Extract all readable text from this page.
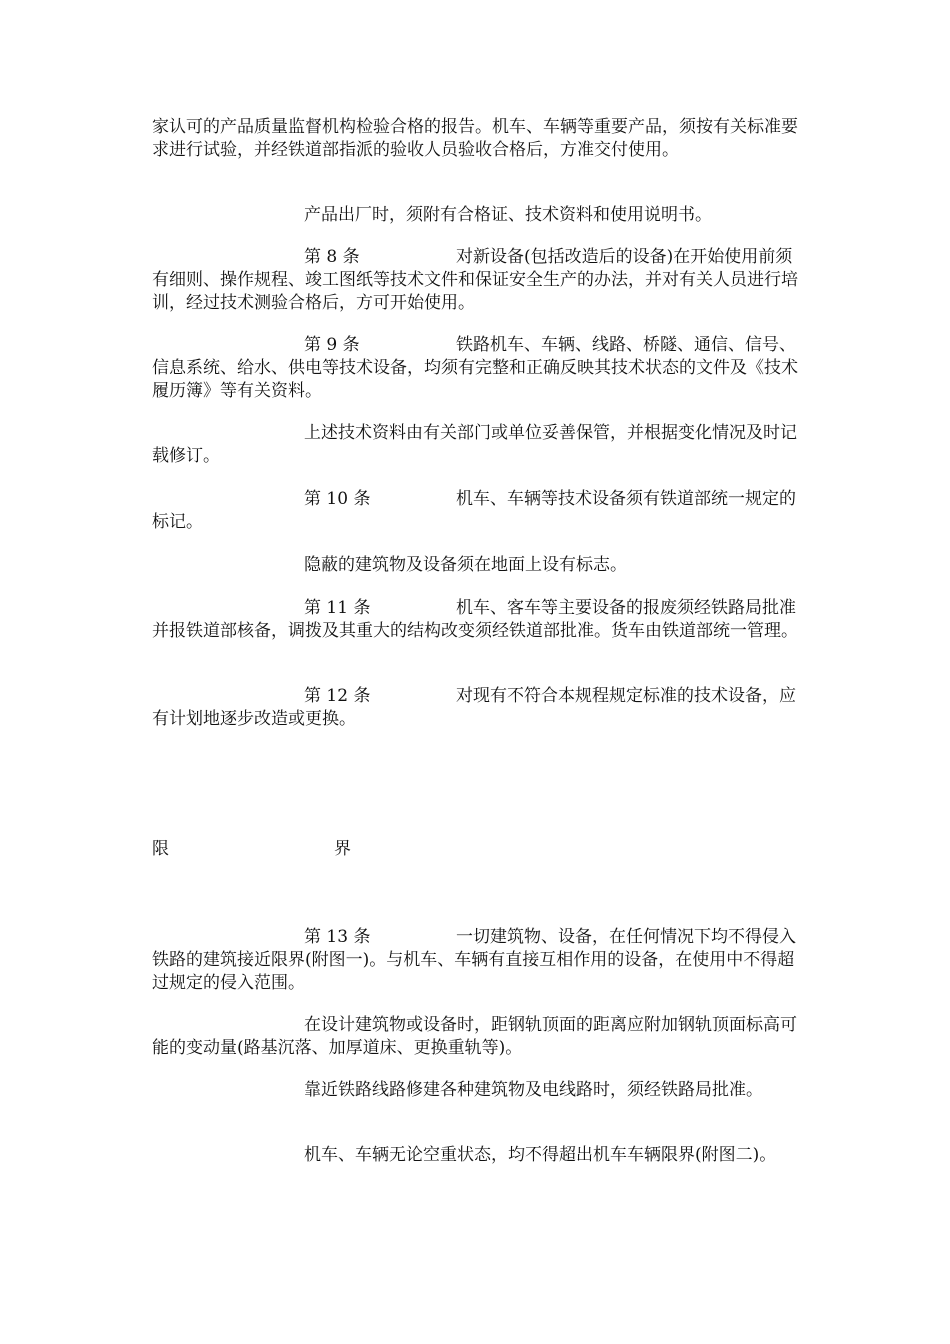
家认可的产品质量监督机构检验合格的报告。机车、车辆等重要产品，须按有关标准要求进行试验，并经铁道部指派的验收人员验收合格后，方准交付使用。

产品出厂时，须附有合格证、技术资料和使用说明书。

第 8 条	对新设备(包括改造后的设备)在开始使用前须有细则、操作规程、竣工图纸等技术文件和保证安全生产的办法，并对有关人员进行培训，经过技术测验合格后，方可开始使用。

第 9 条	铁路机车、车辆、线路、桥隧、通信、信号、信息系统、给水、供电等技术设备，均须有完整和正确反映其技术状态的文件及《技术履历簿》等有关资料。

上述技术资料由有关部门或单位妥善保管，并根据变化情况及时记载修订。

第 10 条	机车、车辆等技术设备须有铁道部统一规定的标记。

隐蔽的建筑物及设备须在地面上设有标志。

第 11 条	机车、客车等主要设备的报废须经铁路局批准并报铁道部核备，调拨及其重大的结构改变须经铁道部批准。货车由铁道部统一管理。

第 12 条	对现有不符合本规程规定标准的技术设备，应有计划地逐步改造或更换。

限	界

第 13 条	一切建筑物、设备，在任何情况下均不得侵入铁路的建筑接近限界(附图一)。与机车、车辆有直接互相作用的设备，在使用中不得超过规定的侵入范围。

在设计建筑物或设备时，距钢轨顶面的距离应附加钢轨顶面标高可能的变动量(路基沉落、加厚道床、更换重轨等)。

靠近铁路线路修建各种建筑物及电线路时，须经铁路局批准。

机车、车辆无论空重状态，均不得超出机车车辆限界(附图二)。
